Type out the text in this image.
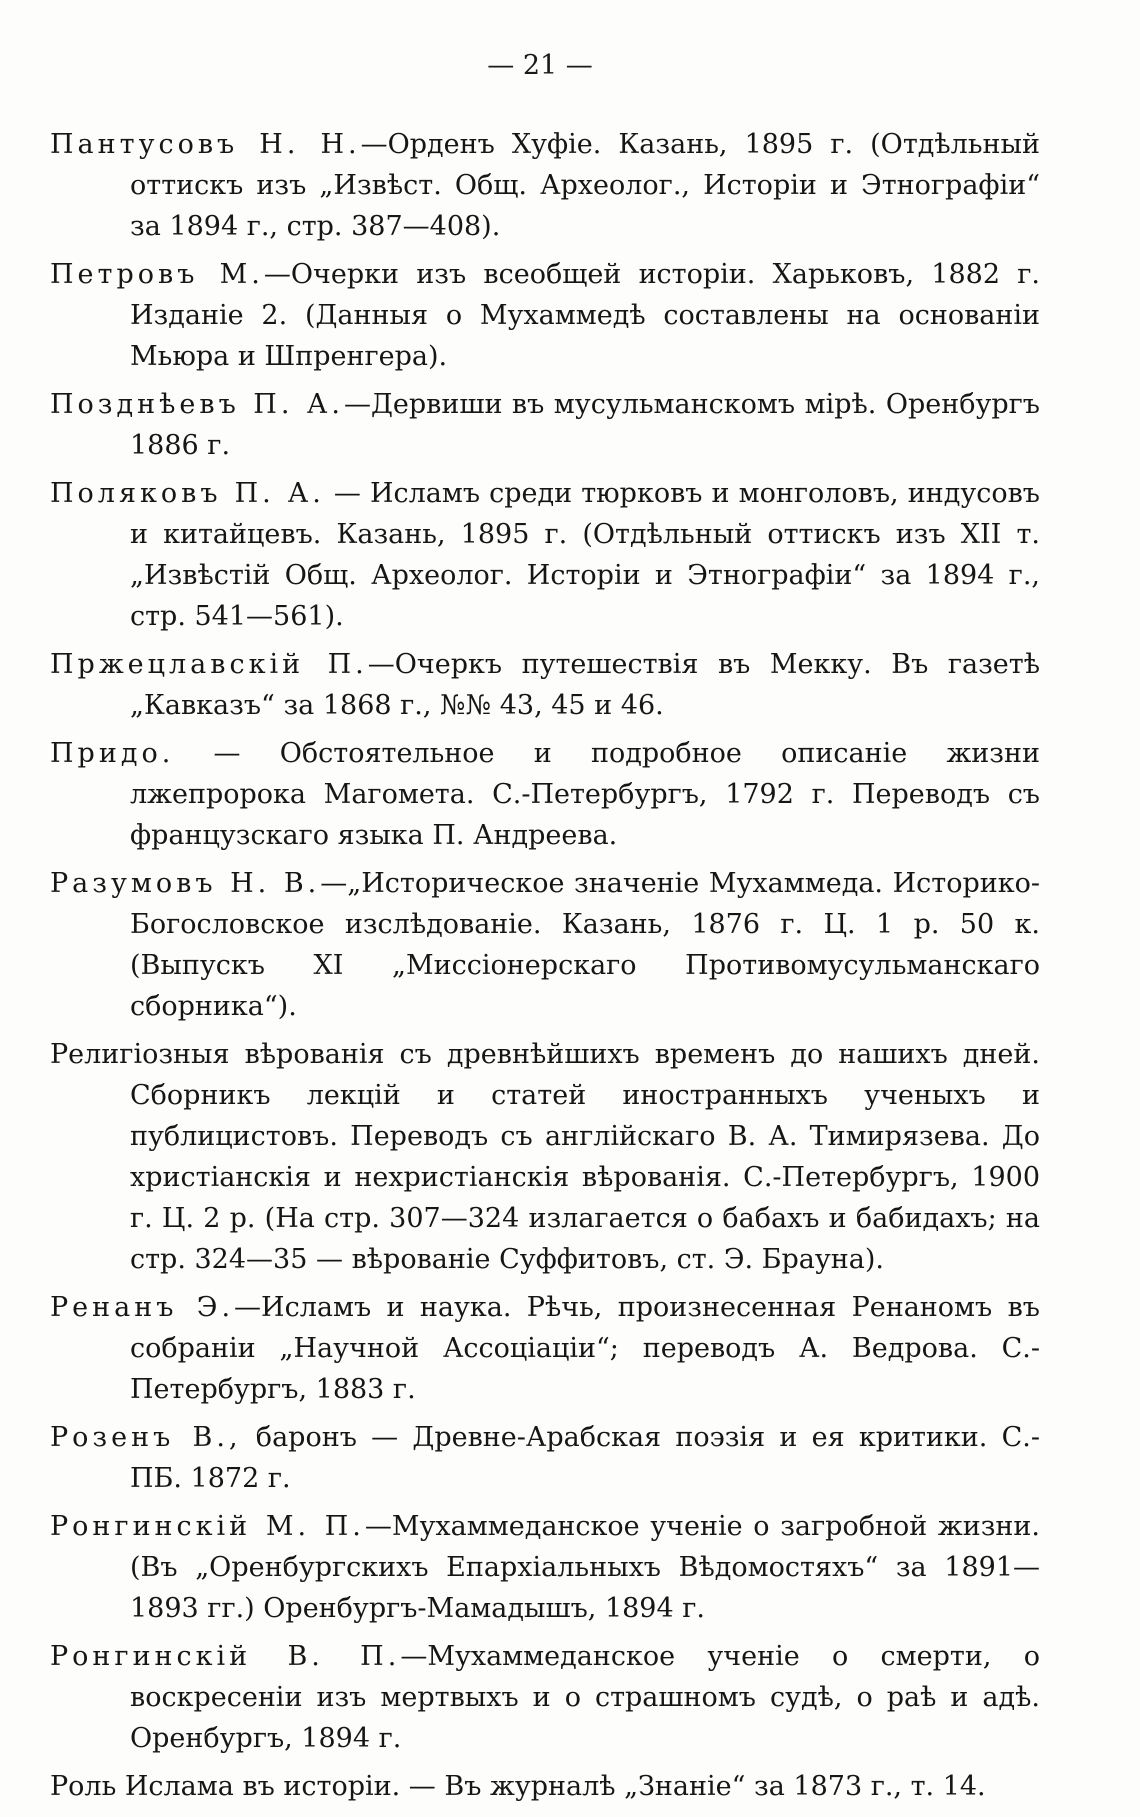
— 21 —

Пантусовъ Н. Н.—Орденъ Хуфіе. Казань, 1895 г. (Отдѣльный оттискъ изъ „Извѣст. Общ. Археолог., Исторіи и Этнографіи“ за 1894 г., стр. 387—408).

Петровъ М.—Очерки изъ всеобщей исторіи. Харьковъ, 1882 г. Изданіе 2. (Данныя о Мухаммедѣ составлены на основаніи Мьюра и Шпренгера).

Позднѣевъ П. А.—Дервиши въ мусульманскомъ мірѣ. Оренбургъ 1886 г.

Поляковъ П. А. — Исламъ среди тюрковъ и монголовъ, индусовъ и китайцевъ. Казань, 1895 г. (Отдѣльный оттискъ изъ XII т. „Извѣстій Общ. Археолог. Исторіи и Этнографіи“ за 1894 г., стр. 541—561).

Пржецлавскій П.—Очеркъ путешествія въ Мекку. Въ газетѣ „Кавказъ“ за 1868 г., №№ 43, 45 и 46.

Придо. — Обстоятельное и подробное описаніе жизни лжепророка Магомета. С.-Петербургъ, 1792 г. Переводъ съ французскаго языка П. Андреева.

Разумовъ Н. В.—„Историческое значеніе Мухаммеда. Историко-Богословское изслѣдованіе. Казань, 1876 г. Ц. 1 р. 50 к. (Выпускъ XI „Миссіонерскаго Противомусульманскаго сборника“).

Религіозныя вѣрованія съ древнѣйшихъ временъ до нашихъ дней. Сборникъ лекцій и статей иностранныхъ ученыхъ и публицистовъ. Переводъ съ англійскаго В. А. Тимирязева. До христіанскія и нехристіанскія вѣрованія. С.-Петербургъ, 1900 г. Ц. 2 р. (На стр. 307—324 излагается о бабахъ и бабидахъ; на стр. 324—35 — вѣрованіе Суффитовъ, ст. Э. Брауна).

Ренанъ Э.—Исламъ и наука. Рѣчь, произнесенная Ренаномъ въ собраніи „Научной Ассоціаціи“; переводъ А. Ведрова. С.-Петербургъ, 1883 г.

Розенъ В., баронъ — Древне-Арабская поэзія и ея критики. С.-ПБ. 1872 г.

Ронгинскій М. П.—Мухаммеданское ученіе о загробной жизни. (Въ „Оренбургскихъ Епархіальныхъ Вѣдомостяхъ“ за 1891—1893 гг.) Оренбургъ-Мамадышъ, 1894 г.

Ронгинскій В. П.—Мухаммеданское ученіе о смерти, о воскресеніи изъ мертвыхъ и о страшномъ судѣ, о раѣ и адѣ. Оренбургъ, 1894 г.

Роль Ислама въ исторіи. — Въ журналѣ „Знаніе“ за 1873 г., т. 14.
